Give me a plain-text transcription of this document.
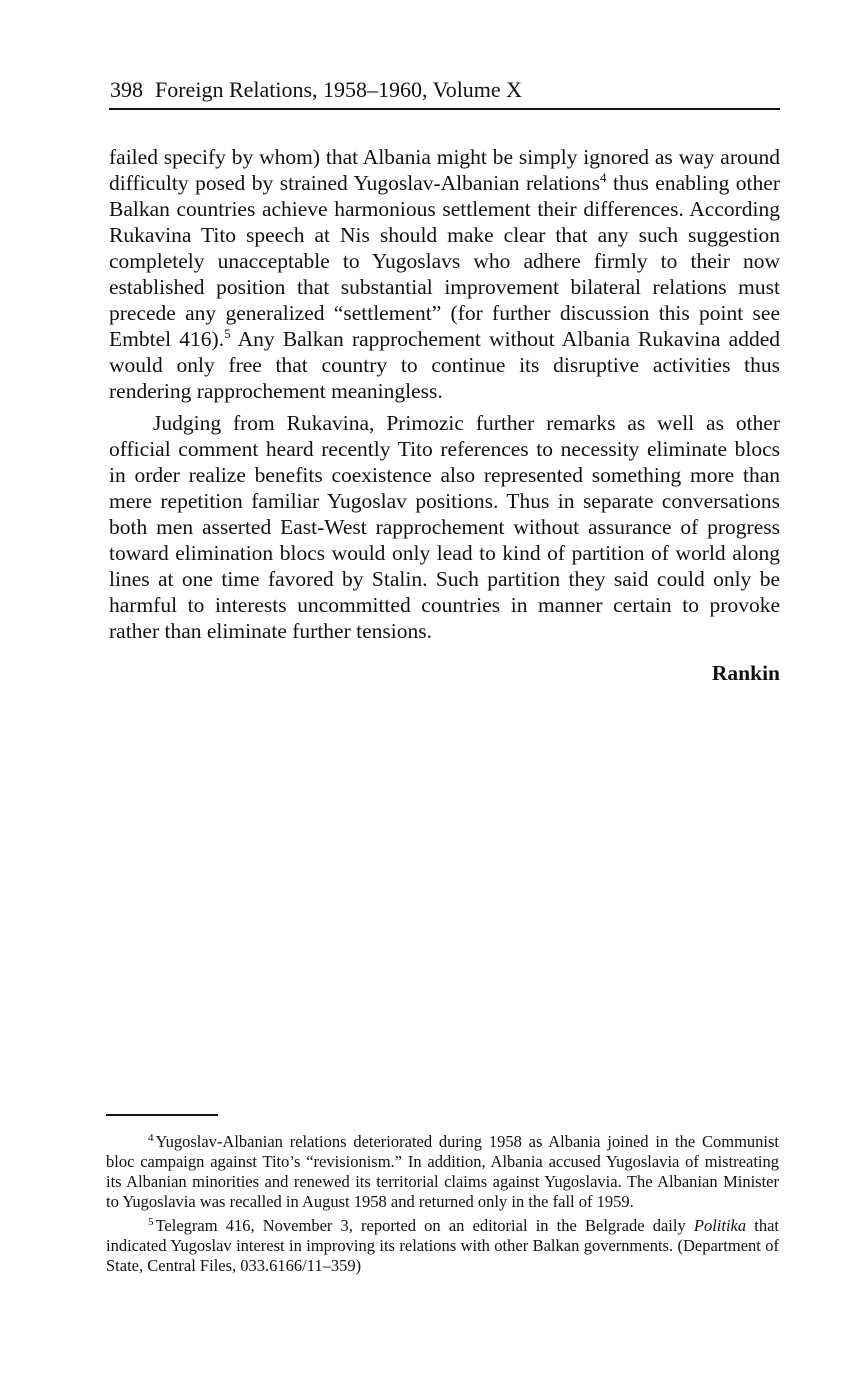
398 Foreign Relations, 1958–1960, Volume X

failed specify by whom) that Albania might be simply ignored as way around difficulty posed by strained Yugoslav-Albanian relations$^4$ thus enabling other Balkan countries achieve harmonious settlement their differences. According Rukavina Tito speech at Nis should make clear that any such suggestion completely unacceptable to Yugoslavs who adhere firmly to their now established position that substantial improvement bilateral relations must precede any generalized “settlement” (for further discussion this point see Embtel 416).$^5$ Any Balkan rapprochement without Albania Rukavina added would only free that country to continue its disruptive activities thus rendering rapprochement meaningless.

Judging from Rukavina, Primozic further remarks as well as other official comment heard recently Tito references to necessity eliminate blocs in order realize benefits coexistence also represented something more than mere repetition familiar Yugoslav positions. Thus in separate conversations both men asserted East-West rapprochement without assurance of progress toward elimination blocs would only lead to kind of partition of world along lines at one time favored by Stalin. Such partition they said could only be harmful to interests uncommitted countries in manner certain to provoke rather than eliminate further tensions.

Rankin

$^4$ Yugoslav-Albanian relations deteriorated during 1958 as Albania joined in the Communist bloc campaign against Tito’s “revisionism.” In addition, Albania accused Yugoslavia of mistreating its Albanian minorities and renewed its territorial claims against Yugoslavia. The Albanian Minister to Yugoslavia was recalled in August 1958 and returned only in the fall of 1959.

$^5$ Telegram 416, November 3, reported on an editorial in the Belgrade daily Politika that indicated Yugoslav interest in improving its relations with other Balkan governments. (Department of State, Central Files, 033.6166/11–359)
